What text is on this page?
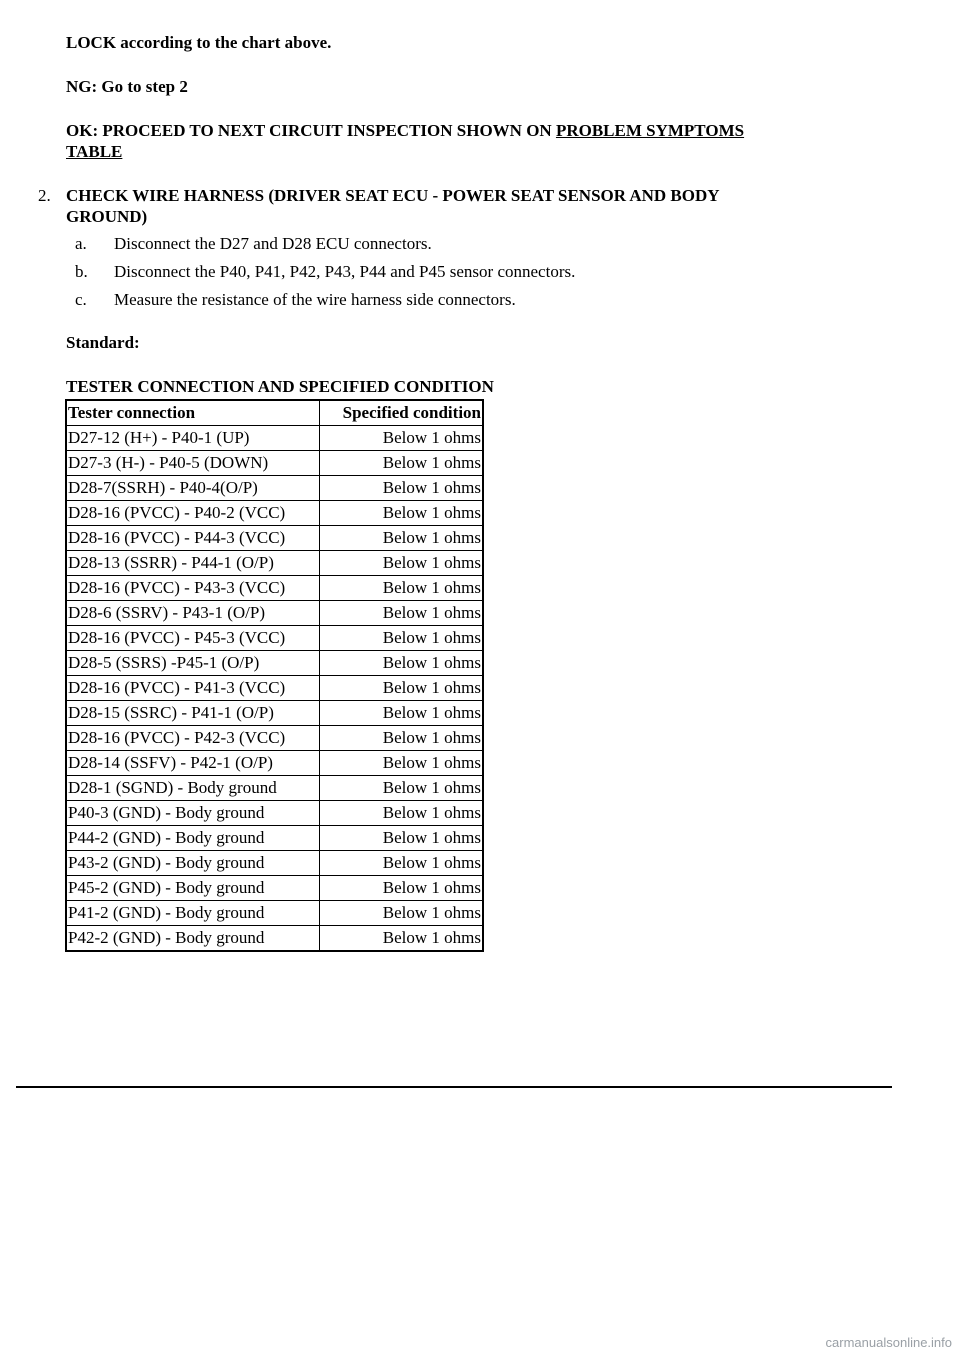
LOCK according to the chart above.
NG: Go to step 2
OK: PROCEED TO NEXT CIRCUIT INSPECTION SHOWN ON PROBLEM SYMPTOMS
TABLE
2. CHECK WIRE HARNESS (DRIVER SEAT ECU - POWER SEAT SENSOR AND BODY
GROUND)
a. Disconnect the D27 and D28 ECU connectors.
b. Disconnect the P40, P41, P42, P43, P44 and P45 sensor connectors.
c. Measure the resistance of the wire harness side connectors.
Standard:
TESTER CONNECTION AND SPECIFIED CONDITION
Tester connection	Specified condition
D27-12 (H+) - P40-1 (UP)	Below 1 ohms
D27-3 (H-) - P40-5 (DOWN)	Below 1 ohms
D28-7(SSRH) - P40-4(O/P)	Below 1 ohms
D28-16 (PVCC) - P40-2 (VCC)	Below 1 ohms
D28-16 (PVCC) - P44-3 (VCC)	Below 1 ohms
D28-13 (SSRR) - P44-1 (O/P)	Below 1 ohms
D28-16 (PVCC) - P43-3 (VCC)	Below 1 ohms
D28-6 (SSRV) - P43-1 (O/P)	Below 1 ohms
D28-16 (PVCC) - P45-3 (VCC)	Below 1 ohms
D28-5 (SSRS) -P45-1 (O/P)	Below 1 ohms
D28-16 (PVCC) - P41-3 (VCC)	Below 1 ohms
D28-15 (SSRC) - P41-1 (O/P)	Below 1 ohms
D28-16 (PVCC) - P42-3 (VCC)	Below 1 ohms
D28-14 (SSFV) - P42-1 (O/P)	Below 1 ohms
D28-1 (SGND) - Body ground	Below 1 ohms
P40-3 (GND) - Body ground	Below 1 ohms
P44-2 (GND) - Body ground	Below 1 ohms
P43-2 (GND) - Body ground	Below 1 ohms
P45-2 (GND) - Body ground	Below 1 ohms
P41-2 (GND) - Body ground	Below 1 ohms
P42-2 (GND) - Body ground	Below 1 ohms
carmanualsonline.info
